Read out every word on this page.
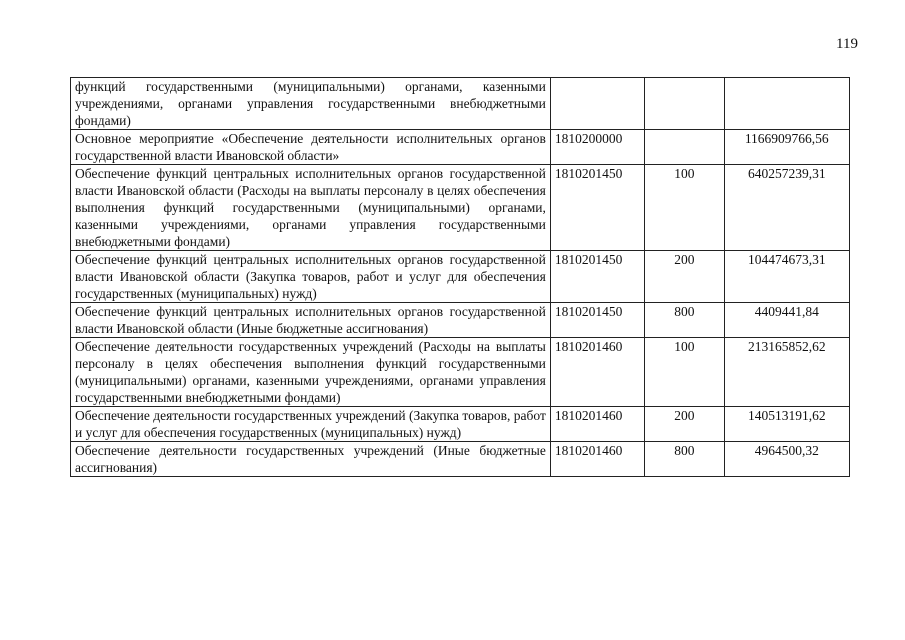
119
функций государственными (муниципальными) органами, казенными учреждениями, органами управления государственными внебюджетными фондами)			
Основное мероприятие «Обеспечение деятельности исполнительных органов государственной власти Ивановской области»	1810200000		1166909766,56
Обеспечение функций центральных исполнительных органов государственной власти Ивановской области (Расходы на выплаты персоналу в целях обеспечения выполнения функций государственными (муниципальными) органами, казенными учреждениями, органами управления государственными внебюджетными фондами)	1810201450	100	640257239,31
Обеспечение функций центральных исполнительных органов государственной власти Ивановской области (Закупка товаров, работ и услуг для обеспечения государственных (муниципальных) нужд)	1810201450	200	104474673,31
Обеспечение функций центральных исполнительных органов государственной власти Ивановской области (Иные бюджетные ассигнования)	1810201450	800	4409441,84
Обеспечение деятельности государственных учреждений (Расходы на выплаты персоналу в целях обеспечения выполнения функций государственными (муниципальными) органами, казенными учреждениями, органами управления государственными внебюджетными фондами)	1810201460	100	213165852,62
Обеспечение деятельности государственных учреждений (Закупка товаров, работ и услуг для обеспечения государственных (муниципальных) нужд)	1810201460	200	140513191,62
Обеспечение деятельности государственных учреждений (Иные бюджетные ассигнования)	1810201460	800	4964500,32
